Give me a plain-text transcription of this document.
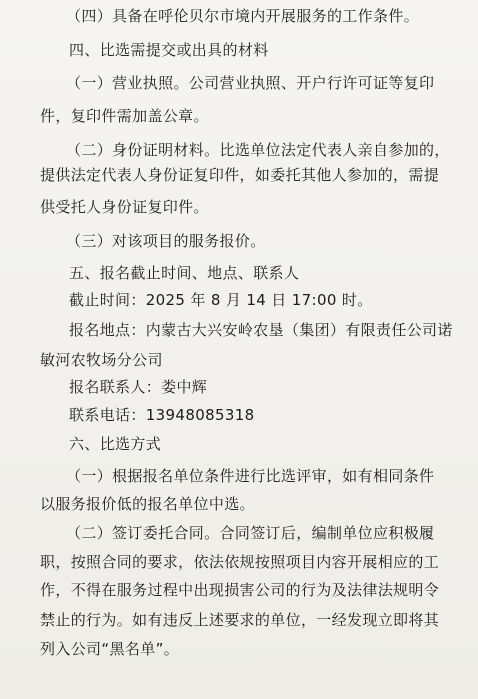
（四）具备在呼伦贝尔市境内开展服务的工作条件。
四、比选需提交或出具的材料
（一）营业执照。公司营业执照、开户行许可证等复印
件，复印件需加盖公章。
（二）身份证明材料。比选单位法定代表人亲自参加的，
提供法定代表人身份证复印件，如委托其他人参加的，需提
供受托人身份证复印件。
（三）对该项目的服务报价。
五、报名截止时间、地点、联系人
截止时间：2025 年 8 月 14 日 17:00 时。
报名地点：内蒙古大兴安岭农垦（集团）有限责任公司诺
敏河农牧场分公司
报名联系人：娄中辉
联系电话：13948085318
六、比选方式
（一）根据报名单位条件进行比选评审，如有相同条件
以服务报价低的报名单位中选。
（二）签订委托合同。合同签订后，编制单位应积极履
职，按照合同的要求，依法依规按照项目内容开展相应的工
作，不得在服务过程中出现损害公司的行为及法律法规明令
禁止的行为。如有违反上述要求的单位，一经发现立即将其
列入公司“黑名单”。
